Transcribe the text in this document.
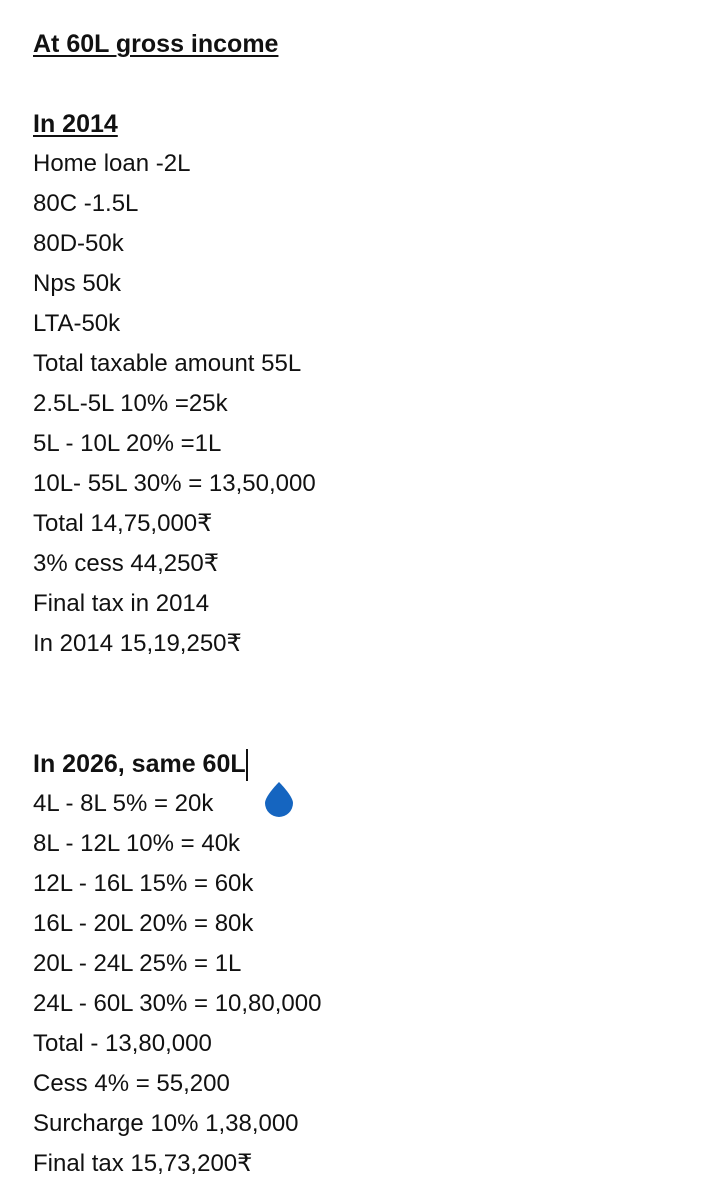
At 60L gross income
In 2014
Home loan -2L
80C -1.5L
80D-50k
Nps 50k
LTA-50k
Total taxable amount 55L
2.5L-5L 10% =25k
5L - 10L 20% =1L
10L- 55L 30% = 13,50,000
Total 14,75,000₹
3% cess 44,250₹
Final tax in 2014
In 2014 15,19,250₹
In 2026, same 60L
4L - 8L 5% = 20k
8L - 12L 10% = 40k
12L - 16L 15% = 60k
16L - 20L 20% = 80k
20L - 24L 25% = 1L
24L - 60L 30% = 10,80,000
Total - 13,80,000
Cess 4% = 55,200
Surcharge 10% 1,38,000
Final tax 15,73,200₹
